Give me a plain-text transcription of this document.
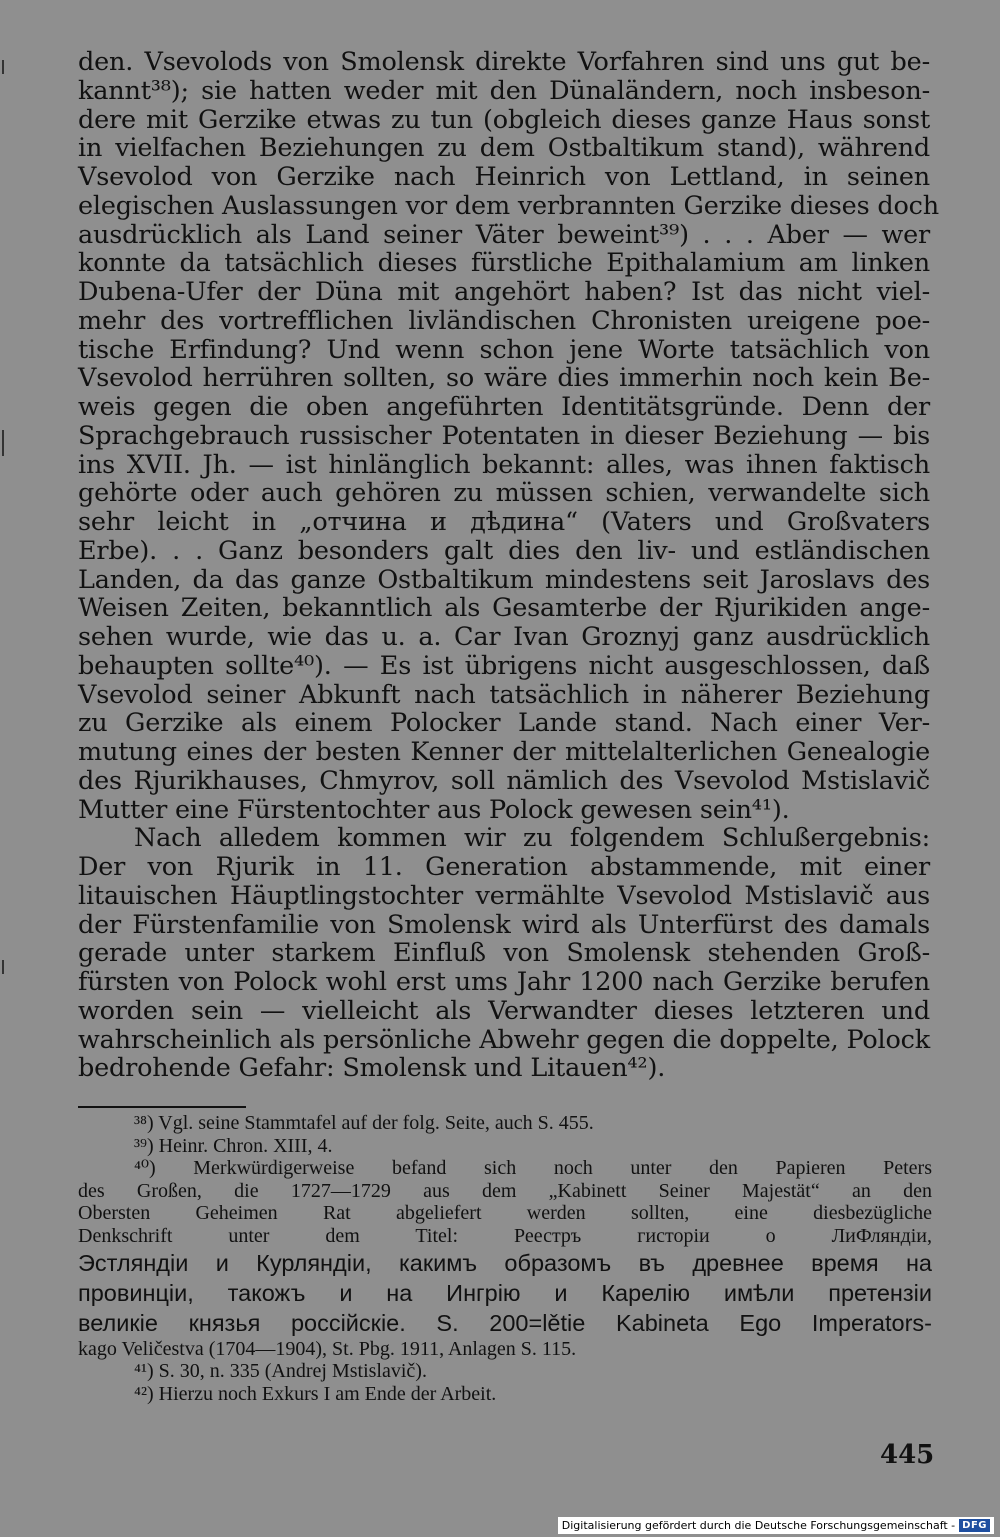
den. Vsevolods von Smolensk direkte Vorfahren sind uns gut be-
kannt³⁸); sie hatten weder mit den Dünaländern, noch insbeson-
dere mit Gerzike etwas zu tun (obgleich dieses ganze Haus sonst
in vielfachen Beziehungen zu dem Ostbaltikum stand), während
Vsevolod von Gerzike nach Heinrich von Lettland, in seinen
elegischen Auslassungen vor dem verbrannten Gerzike dieses doch
ausdrücklich als Land seiner Väter beweint³⁹) . . . Aber — wer
konnte da tatsächlich dieses fürstliche Epithalamium am linken
Dubena-Ufer der Düna mit angehört haben? Ist das nicht viel-
mehr des vortrefflichen livländischen Chronisten ureigene poe-
tische Erfindung? Und wenn schon jene Worte tatsächlich von
Vsevolod herrühren sollten, so wäre dies immerhin noch kein Be-
weis gegen die oben angeführten Identitätsgründe. Denn der
Sprachgebrauch russischer Potentaten in dieser Beziehung — bis
ins XVII. Jh. — ist hinlänglich bekannt: alles, was ihnen faktisch
gehörte oder auch gehören zu müssen schien, verwandelte sich
sehr leicht in „отчина и дѣдина“ (Vaters und Großvaters
Erbe). . . Ganz besonders galt dies den liv- und estländischen
Landen, da das ganze Ostbaltikum mindestens seit Jaroslavs des
Weisen Zeiten, bekanntlich als Gesamterbe der Rjurikiden ange-
sehen wurde, wie das u. a. Car Ivan Groznyj ganz ausdrücklich
behaupten sollte⁴⁰). — Es ist übrigens nicht ausgeschlossen, daß
Vsevolod seiner Abkunft nach tatsächlich in näherer Beziehung
zu Gerzike als einem Polocker Lande stand. Nach einer Ver-
mutung eines der besten Kenner der mittelalterlichen Genealogie
des Rjurikhauses, Chmyrov, soll nämlich des Vsevolod Mstislavič
Mutter eine Fürstentochter aus Polock gewesen sein⁴¹).
Nach alledem kommen wir zu folgendem Schlußergebnis:
Der von Rjurik in 11. Generation abstammende, mit einer
litauischen Häuptlingstochter vermählte Vsevolod Mstislavič aus
der Fürstenfamilie von Smolensk wird als Unterfürst des damals
gerade unter starkem Einfluß von Smolensk stehenden Groß-
fürsten von Polock wohl erst ums Jahr 1200 nach Gerzike berufen
worden sein — vielleicht als Verwandter dieses letzteren und
wahrscheinlich als persönliche Abwehr gegen die doppelte, Polock
bedrohende Gefahr: Smolensk und Litauen⁴²).
³⁸) Vgl. seine Stammtafel auf der folg. Seite, auch S. 455.
³⁹) Heinr. Chron. XIII, 4.
⁴⁰) Merkwürdigerweise befand sich noch unter den Papieren Peters
des Großen, die 1727—1729 aus dem „Kabinett Seiner Majestät“ an den
Obersten Geheimen Rat abgeliefert werden sollten, eine diesbezügliche
Denkschrift unter dem Titel: Реестръ гисторіи о ЛиФляндіи,
Эстляндіи и Курляндіи, какимъ образомъ въ древнее время на
провинціи, такожъ и на Ингрію и Карелію имѣли претензіи
великіе князья россійскіе. S. 200=lětie Kabineta Ego Imperators-
kago Veličestva (1704—1904), St. Pbg. 1911, Anlagen S. 115.
⁴¹) S. 30, n. 335 (Andrej Mstislavič).
⁴²) Hierzu noch Exkurs I am Ende der Arbeit.
445
Digitalisierung gefördert durch die Deutsche Forschungsgemeinschaft - DFG
